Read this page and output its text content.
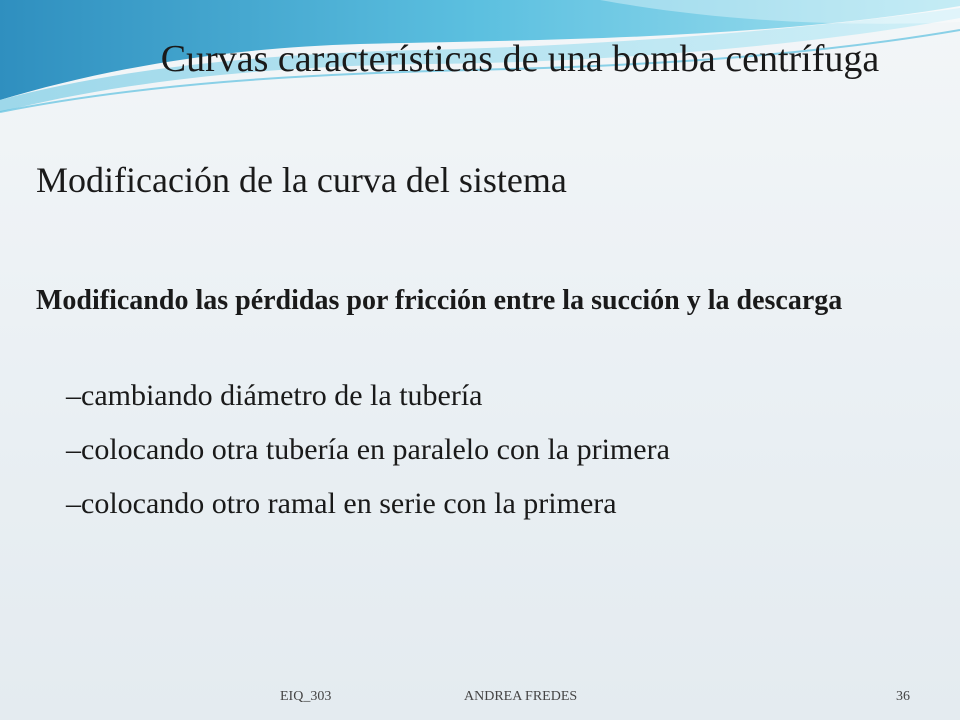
Curvas características de una bomba centrífuga
Modificación de la curva del sistema

Modificando las pérdidas por fricción entre la succión y la descarga

–cambiando diámetro de la tubería
–colocando otra tubería en paralelo con la primera
–colocando otro ramal en serie con la primera
EIQ_303	ANDREA FREDES	36
